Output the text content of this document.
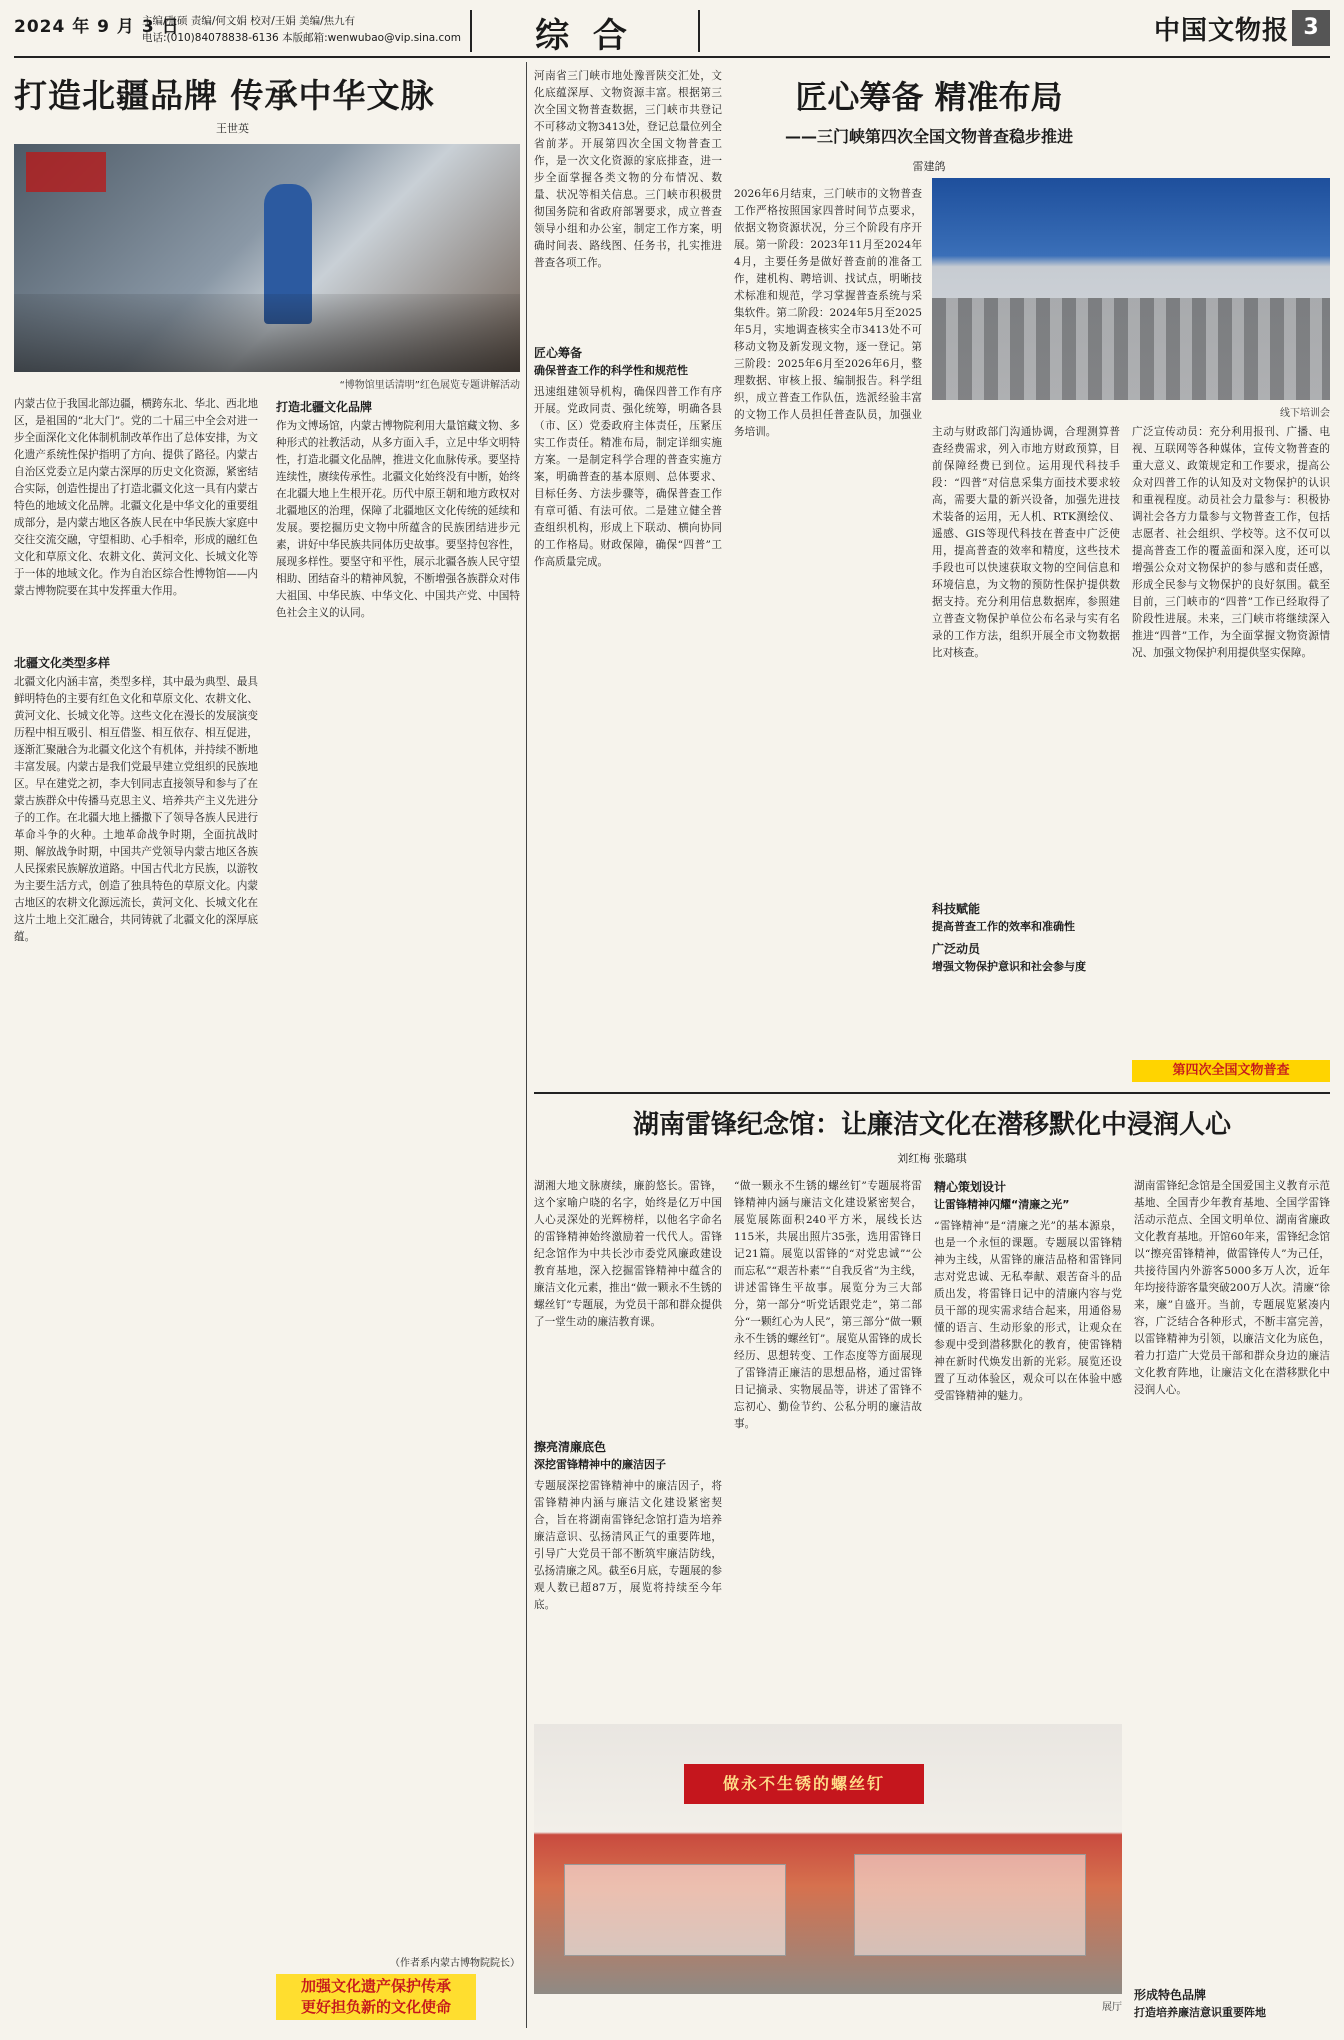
2024 年 9 月 3 日
主编/张硕 责编/何文娟 校对/王娟 美编/焦九有
电话:(010)84078838-6136 本版邮箱:wenwubao@vip.sina.com	综 合	中国文物报 3
打造北疆品牌 传承中华文脉
王世英
“博物馆里话清明”红色展览专题讲解活动
内蒙古位于我国北部边疆，横跨东北、华北、西北地区，是祖国的“北大门”。党的二十届三中全会对进一步全面深化文化体制机制改革作出了总体安排，为文化遗产系统性保护指明了方向、提供了路径。内蒙古自治区党委立足内蒙古深厚的历史文化资源，紧密结合实际，创造性提出了打造北疆文化这一具有内蒙古特色的地域文化品牌。北疆文化是中华文化的重要组成部分，是内蒙古地区各族人民在中华民族大家庭中交往交流交融，守望相助、心手相牵，形成的融红色文化和草原文化、农耕文化、黄河文化、长城文化等于一体的地域文化。作为自治区综合性博物馆——内蒙古博物院要在其中发挥重大作用。
北疆文化类型多样
北疆文化内涵丰富，类型多样，其中最为典型、最具鲜明特色的主要有红色文化和草原文化、农耕文化、黄河文化、长城文化等。这些文化在漫长的发展演变历程中相互吸引、相互借鉴、相互依存、相互促进，逐渐汇聚融合为北疆文化这个有机体，并持续不断地丰富发展。内蒙古是我们党最早建立党组织的民族地区。早在建党之初，李大钊同志直接领导和参与了在蒙古族群众中传播马克思主义、培养共产主义先进分子的工作。在北疆大地上播撒下了领导各族人民进行革命斗争的火种。土地革命战争时期，全面抗战时期、解放战争时期，中国共产党领导内蒙古地区各族人民探索民族解放道路。中国古代北方民族，以游牧为主要生活方式，创造了独具特色的草原文化。内蒙古地区的农耕文化源远流长，黄河文化、长城文化在这片土地上交汇融合，共同铸就了北疆文化的深厚底蕴。
打造北疆文化品牌
作为文博场馆，内蒙古博物院利用大量馆藏文物、多种形式的社教活动，从多方面入手，立足中华文明特性，打造北疆文化品牌，推进文化血脉传承。要坚持连续性，赓续传承性。北疆文化始终没有中断，始终在北疆大地上生根开花。历代中原王朝和地方政权对北疆地区的治理，保障了北疆地区文化传统的延续和发展。要挖掘历史文物中所蕴含的民族团结进步元素，讲好中华民族共同体历史故事。要坚持包容性，展现多样性。要坚守和平性，展示北疆各族人民守望相助、团结奋斗的精神风貌，不断增强各族群众对伟大祖国、中华民族、中华文化、中国共产党、中国特色社会主义的认同。
（作者系内蒙古博物院院长）
加强文化遗产保护传承
更好担负新的文化使命
河南省三门峡市地处豫晋陕交汇处，文化底蕴深厚、文物资源丰富。根据第三次全国文物普查数据，三门峡市共登记不可移动文物3413处，登记总量位列全省前茅。开展第四次全国文物普查工作，是一次文化资源的家底排查，进一步全面掌握各类文物的分布情况、数量、状况等相关信息。三门峡市积极贯彻国务院和省政府部署要求，成立普查领导小组和办公室，制定工作方案，明确时间表、路线图、任务书，扎实推进普查各项工作。
匠心筹备
确保普查工作的科学性和规范性
迅速组建领导机构，确保四普工作有序开展。党政同责、强化统筹，明确各县（市、区）党委政府主体责任，压紧压实工作责任。精准布局，制定详细实施方案。一是制定科学合理的普查实施方案，明确普查的基本原则、总体要求、目标任务、方法步骤等，确保普查工作有章可循、有法可依。二是建立健全普查组织机构，形成上下联动、横向协同的工作格局。财政保障，确保“四普”工作高质量完成。
匠心筹备 精准布局
——三门峡第四次全国文物普查稳步推进
雷建鸽
线下培训会
2026年6月结束，三门峡市的文物普查工作严格按照国家四普时间节点要求，依据文物资源状况，分三个阶段有序开展。第一阶段：2023年11月至2024年4月，主要任务是做好普查前的准备工作，建机构、聘培训、找试点，明晰技术标准和规范，学习掌握普查系统与采集软件。第二阶段：2024年5月至2025年5月，实地调查核实全市3413处不可移动文物及新发现文物，逐一登记。第三阶段：2025年6月至2026年6月，整理数据、审核上报、编制报告。科学组织，成立普查工作队伍，选派经验丰富的文物工作人员担任普查队员，加强业务培训。	主动与财政部门沟通协调，合理测算普查经费需求，列入市地方财政预算，目前保障经费已到位。运用现代科技手段：“四普”对信息采集方面技术要求较高，需要大量的新兴设备，加强先进技术装备的运用，无人机、RTK测绘仪、遥感、GIS等现代科技在普查中广泛使用，提高普查的效率和精度，这些技术手段也可以快速获取文物的空间信息和环境信息，为文物的预防性保护提供数据支持。充分利用信息数据库，参照建立普查文物保护单位公布名录与实有名录的工作方法，组织开展全市文物数据比对核查。
科技赋能
提高普查工作的效率和准确性
广泛动员
增强文物保护意识和社会参与度
广泛宣传动员：充分利用报刊、广播、电视、互联网等各种媒体，宣传文物普查的重大意义、政策规定和工作要求，提高公众对四普工作的认知及对文物保护的认识和重视程度。动员社会力量参与：积极协调社会各方力量参与文物普查工作，包括志愿者、社会组织、学校等。这不仅可以提高普查工作的覆盖面和深入度，还可以增强公众对文物保护的参与感和责任感，形成全民参与文物保护的良好氛围。截至目前，三门峡市的“四普”工作已经取得了阶段性进展。未来，三门峡市将继续深入推进“四普”工作，为全面掌握文物资源情况、加强文物保护利用提供坚实保障。
第四次全国文物普查
湖南雷锋纪念馆：让廉洁文化在潜移默化中浸润人心
刘红梅 张璐琪
湖湘大地文脉赓续，廉韵悠长。雷锋，这个家喻户晓的名字，始终是亿万中国人心灵深处的光辉榜样，以他名字命名的雷锋精神始终激励着一代代人。雷锋纪念馆作为中共长沙市委党风廉政建设教育基地，深入挖掘雷锋精神中蕴含的廉洁文化元素，推出“做一颗永不生锈的螺丝钉”专题展，为党员干部和群众提供了一堂生动的廉洁教育课。
擦亮清廉底色
深挖雷锋精神中的廉洁因子
专题展深挖雷锋精神中的廉洁因子，将雷锋精神内涵与廉洁文化建设紧密契合，旨在将湖南雷锋纪念馆打造为培养廉洁意识、弘扬清风正气的重要阵地，引导广大党员干部不断筑牢廉洁防线，弘扬清廉之风。截至6月底，专题展的参观人数已超87万，展览将持续至今年底。
“做一颗永不生锈的螺丝钉”专题展将雷锋精神内涵与廉洁文化建设紧密契合，展览展陈面积240平方米，展线长达115米，共展出照片35张，选用雷锋日记21篇。展览以雷锋的“对党忠诚”“公而忘私”“艰苦朴素”“自我反省”为主线，讲述雷锋生平故事。展览分为三大部分，第一部分“听党话跟党走”，第二部分“一颗红心为人民”，第三部分“做一颗永不生锈的螺丝钉”。展览从雷锋的成长经历、思想转变、工作态度等方面展现了雷锋清正廉洁的思想品格，通过雷锋日记摘录、实物展品等，讲述了雷锋不忘初心、勤俭节约、公私分明的廉洁故事。
精心策划设计
让雷锋精神闪耀“清廉之光”
“雷锋精神”是“清廉之光”的基本源泉，也是一个永恒的课题。专题展以雷锋精神为主线，从雷锋的廉洁品格和雷锋同志对党忠诚、无私奉献、艰苦奋斗的品质出发，将雷锋日记中的清廉内容与党员干部的现实需求结合起来，用通俗易懂的语言、生动形象的形式，让观众在参观中受到潜移默化的教育，使雷锋精神在新时代焕发出新的光彩。展览还设置了互动体验区，观众可以在体验中感受雷锋精神的魅力。
湖南雷锋纪念馆是全国爱国主义教育示范基地、全国青少年教育基地、全国学雷锋活动示范点、全国文明单位、湖南省廉政文化教育基地。开馆60年来，雷锋纪念馆以“擦亮雷锋精神，做雷锋传人”为己任，共接待国内外游客5000多万人次，近年年均接待游客量突破200万人次。清廉“徐来，廉”自盛开。当前，专题展览紧凑内容，广泛结合各种形式，不断丰富完善，以雷锋精神为引领，以廉洁文化为底色，着力打造广大党员干部和群众身边的廉洁文化教育阵地，让廉洁文化在潜移默化中浸润人心。
做永不生锈的螺丝钉
展厅
形成特色品牌
打造培养廉洁意识重要阵地
